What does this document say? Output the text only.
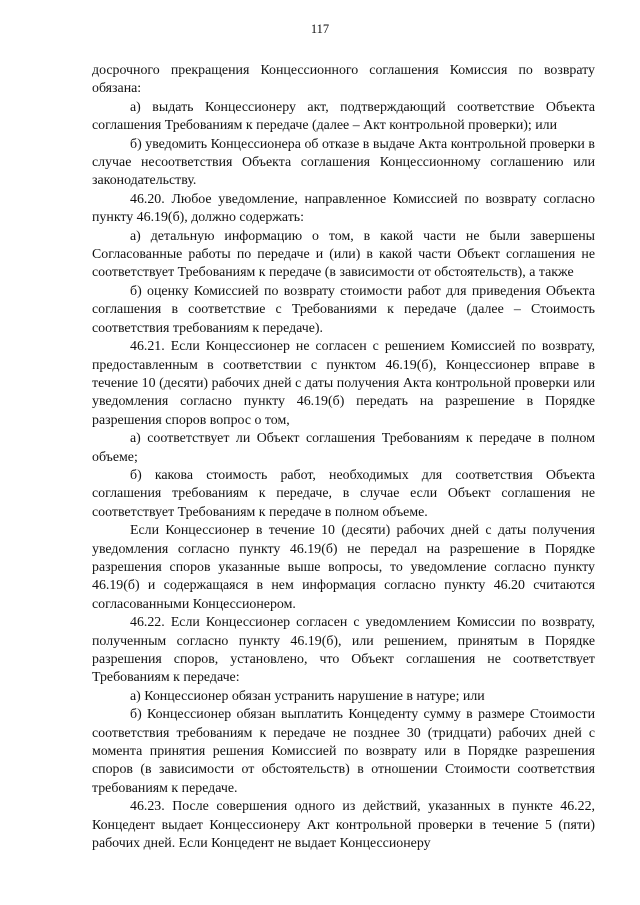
117

досрочного прекращения Концессионного соглашения Комиссия по возврату обязана:

а) выдать Концессионеру акт, подтверждающий соответствие Объекта соглашения Требованиям к передаче (далее – Акт контрольной проверки); или

б) уведомить Концессионера об отказе в выдаче Акта контрольной проверки в случае несоответствия Объекта соглашения Концессионному соглашению или законодательству.

46.20. Любое уведомление, направленное Комиссией по возврату согласно пункту 46.19(б), должно содержать:

а) детальную информацию о том, в какой части не были завершены Согласованные работы по передаче и (или) в какой части Объект соглашения не соответствует Требованиям к передаче (в зависимости от обстоятельств), а также

б) оценку Комиссией по возврату стоимости работ для приведения Объекта соглашения в соответствие с Требованиями к передаче (далее – Стоимость соответствия требованиям к передаче).

46.21. Если Концессионер не согласен с решением Комиссией по возврату, предоставленным в соответствии с пунктом 46.19(б), Концессионер вправе в течение 10 (десяти) рабочих дней с даты получения Акта контрольной проверки или уведомления согласно пункту 46.19(б) передать на разрешение в Порядке разрешения споров вопрос о том,

а) соответствует ли Объект соглашения Требованиям к передаче в полном объеме;

б) какова стоимость работ, необходимых для соответствия Объекта соглашения требованиям к передаче, в случае если Объект соглашения не соответствует Требованиям к передаче в полном объеме.

Если Концессионер в течение 10 (десяти) рабочих дней с даты получения уведомления согласно пункту 46.19(б) не передал на разрешение в Порядке разрешения споров указанные выше вопросы, то уведомление согласно пункту 46.19(б) и содержащаяся в нем информация согласно пункту 46.20 считаются согласованными Концессионером.

46.22. Если Концессионер согласен с уведомлением Комиссии по возврату, полученным согласно пункту 46.19(б), или решением, принятым в Порядке разрешения споров, установлено, что Объект соглашения не соответствует Требованиям к передаче:

а) Концессионер обязан устранить нарушение в натуре; или

б) Концессионер обязан выплатить Концеденту сумму в размере Стоимости соответствия требованиям к передаче не позднее 30 (тридцати) рабочих дней с момента принятия решения Комиссией по возврату или в Порядке разрешения споров (в зависимости от обстоятельств) в отношении Стоимости соответствия требованиям к передаче.

46.23. После совершения одного из действий, указанных в пункте 46.22, Концедент выдает Концессионеру Акт контрольной проверки в течение 5 (пяти) рабочих дней. Если Концедент не выдает Концессионеру
